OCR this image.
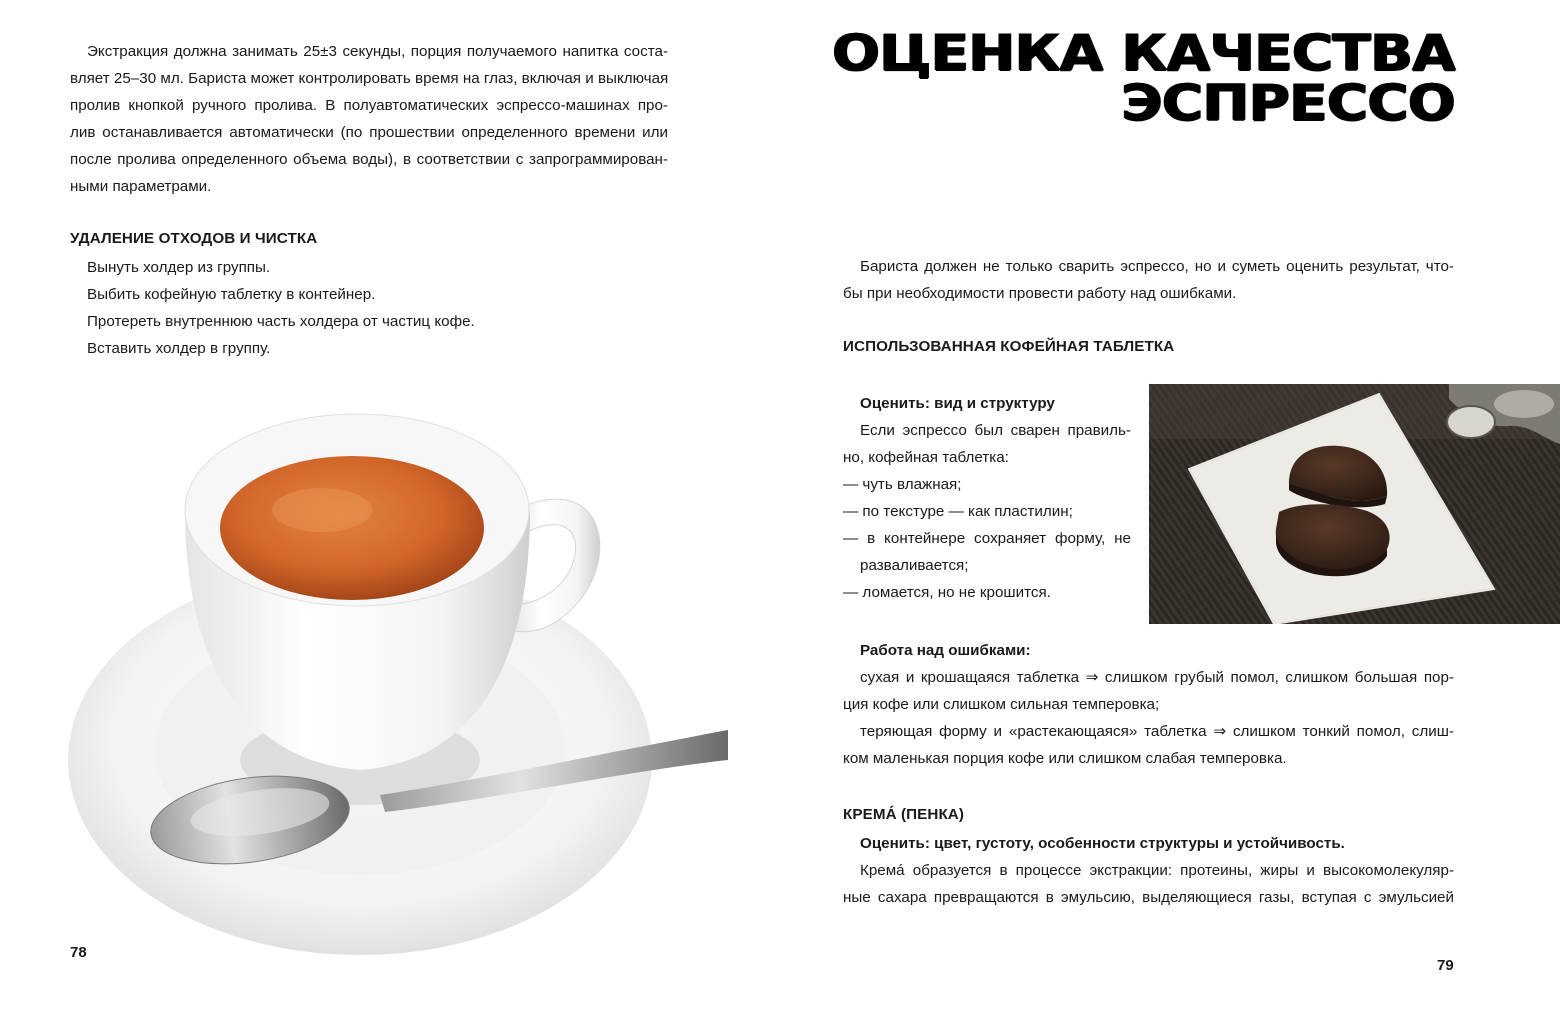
Экстракция должна занимать 25±3 секунды, порция получаемого напитка соста-
вляет 25–30 мл. Бариста может контролировать время на глаз, включая и выключая
пролив кнопкой ручного пролива. В полуавтоматических эспрессо-машинах про-
лив останавливается автоматически (по прошествии определенного времени или
после пролива определенного объема воды), в соответствии с запрограммирован-
ными параметрами.
УДАЛЕНИЕ ОТХОДОВ И ЧИСТКА
Вынуть холдер из группы.
Выбить кофейную таблетку в контейнер.
Протереть внутреннюю часть холдера от частиц кофе.
Вставить холдер в группу.
78
ОЦЕНКА КАЧЕСТВА
ЭСПРЕССО
Бариста должен не только сварить эспрессо, но и суметь оценить результат, что-
бы при необходимости провести работу над ошибками.
ИСПОЛЬЗОВАННАЯ КОФЕЙНАЯ ТАБЛЕТКА
Оценить: вид и структуру
Если эспрессо был сварен правиль-
но, кофейная таблетка:
— чуть влажная;
— по текстуре — как пластилин;
— в контейнере сохраняет форму, не
разваливается;
— ломается, но не крошится.
Работа над ошибками:
сухая и крошащаяся таблетка ⇒ слишком грубый помол, слишком большая пор-
ция кофе или слишком сильная темперовка;
теряющая форму и «растекающаяся» таблетка ⇒ слишком тонкий помол, слиш-
ком маленькая порция кофе или слишком слабая темперовка.
КРЕМÁ (ПЕНКА)
Оценить: цвет, густоту, особенности структуры и устойчивость.
Кремá образуется в процессе экстракции: протеины, жиры и высокомолекуляр-
ные сахара превращаются в эмульсию, выделяющиеся газы, вступая с эмульсией
79
